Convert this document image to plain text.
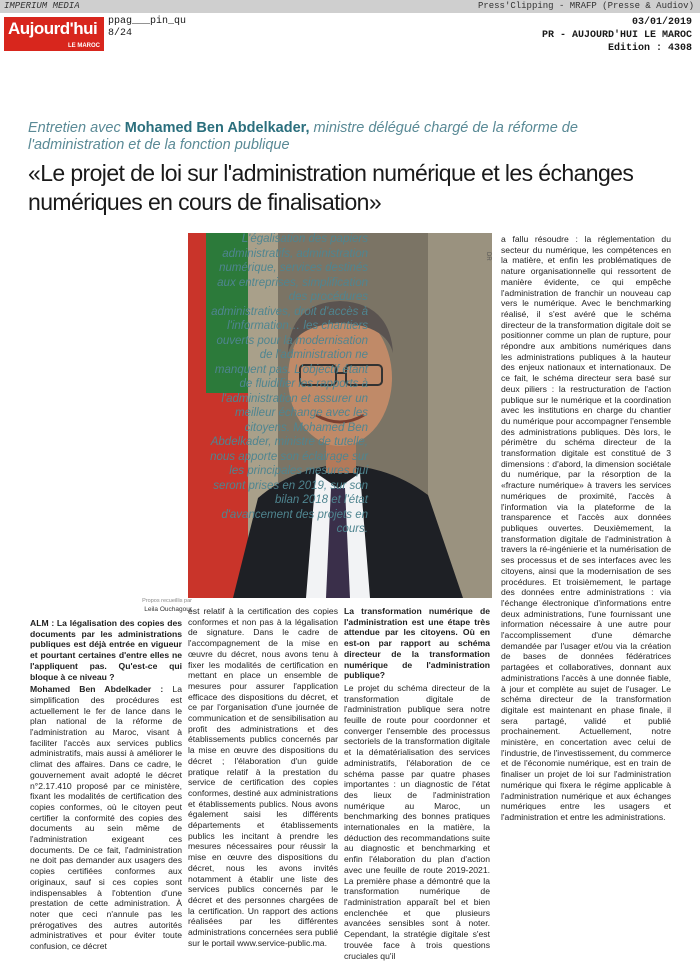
IMPERIUM MEDIA	Press'Clipping - MRAFP (Presse & Audiov)
Aujourd'hui
LE MAROC
ppag___pin_qu
8/24
03/01/2019
PR - AUJOURD'HUI LE MAROC
Edition : 4308
Entretien avec Mohamed Ben Abdelkader, ministre délégué chargé de la réforme de l'administration et de la fonction publique
«Le projet de loi sur l'administration numérique et les échanges numériques en cours de finalisation»
DR
L'égalisation des papiers administratifs, administration numérique, services destinés aux entreprises, simplification des procédures administratives, droit d'accès à l'information… les chantiers ouverts pour la modernisation de l'administration ne manquent pas. L'objectif étant de fluidifier les rapports à l'administration et assurer un meilleur échange avec les citoyens. Mohamed Ben Abdelkader, ministre de tutelle, nous apporte son éclairage sur les principales mesures qui seront prises en 2019, sur son bilan 2018 et l'état d'avancement des projets en cours.
Propos recueillis par
Leila Ouchagour

ALM : La légalisation des copies des documents par les administrations publiques est déjà entrée en vigueur et pourtant certaines d'entre elles ne l'appliquent pas. Qu'est-ce qui bloque à ce niveau ?

Mohamed Ben Abdelkader : La simplification des procédures est actuellement le fer de lance dans le plan national de la réforme de l'administration au Maroc, visant à faciliter l'accès aux services publics administratifs, mais aussi à améliorer le climat des affaires. Dans ce cadre, le gouvernement avait adopté le décret n°2.17.410 proposé par ce ministère, fixant les modalités de certification des copies conformes, où le citoyen peut certifier la conformité des copies des documents au sein même de l'administration exigeant ces documents. De ce fait, l'administration ne doit pas demander aux usagers des copies certifiées conformes aux originaux, sauf si ces copies sont indispensables à l'obtention d'une prestation de cette administration. À noter que ceci n'annule pas les prérogatives des autres autorités administratives et pour éviter toute confusion, ce décret

est relatif à la certification des copies conformes et non pas à la légalisation de signature. Dans le cadre de l'accompagnement de la mise en œuvre du décret, nous avons tenu à fixer les modalités de certification en mettant en place un ensemble de mesures pour assurer l'application efficace des dispositions du décret, et ce par l'organisation d'une journée de communication et de sensibilisation au profit des administrations et des établissements publics concernés par la mise en œuvre des dispositions du décret ; l'élaboration d'un guide pratique relatif à la prestation du service de certification des copies conformes, destiné aux administrations et établissements publics. Nous avons également saisi les différents départements et établissements publics les incitant à prendre les mesures nécessaires pour réussir la mise en œuvre des dispositions du décret, nous les avons invités notamment à établir une liste des services publics concernés par le décret et des personnes chargées de la certification. Un rapport des actions réalisées par les différentes administrations concernées sera publié sur le portail www.service-public.ma.

La transformation numérique de l'administration est une étape très attendue par les citoyens. Où en est-on par rapport au schéma directeur de la transformation numérique de l'administration publique?

Le projet du schéma directeur de la transformation digitale de l'administration publique sera notre feuille de route pour coordonner et converger l'ensemble des processus sectoriels de la transformation digitale et la dématérialisation des services administratifs, l'élaboration de ce schéma passe par quatre phases importantes : un diagnostic de l'état des lieux de l'administration numérique au Maroc, un benchmarking des bonnes pratiques internationales en la matière, la déduction des recommandations suite au diagnostic et benchmarking et enfin l'élaboration du plan d'action avec une feuille de route 2019-2021. La première phase a démontré que la transformation numérique de l'administration apparaît bel et bien enclenchée et que plusieurs avancées sensibles sont à noter. Cependant, la stratégie digitale s'est trouvée face à trois questions cruciales qu'il

a fallu résoudre : la réglementation du secteur du numérique, les compétences en la matière, et enfin les problématiques de nature organisationnelle qui ressortent de manière évidente, ce qui empêche l'administration de franchir un nouveau cap vers le numérique. Avec le benchmarking réalisé, il s'est avéré que le schéma directeur de la transformation digitale doit se positionner comme un plan de rupture, pour répondre aux ambitions numériques dans les administrations publiques à la hauteur des enjeux nationaux et internationaux. De ce fait, le schéma directeur sera basé sur deux piliers : la restructuration de l'action publique sur le numérique et la coordination avec les institutions en charge du chantier du numérique pour accompagner l'ensemble des administrations publiques. Dès lors, le périmètre du schéma directeur de la transformation digitale est constitué de 3 dimensions : d'abord, la dimension sociétale du numérique, par la résorption de la «fracture numérique» à travers les services numériques de proximité, l'accès à l'information via la plateforme de la transparence et l'accès aux données publiques ouvertes. Deuxièmement, la transformation digitale de l'administration à travers la ré-ingénierie et la numérisation de ses processus et de ses interfaces avec les citoyens, ainsi que la modernisation de ses procédures. Et troisièmement, le partage des données entre administrations : via l'échange électronique d'informations entre deux administrations, l'une fournissant une information nécessaire à une autre pour l'accomplissement d'une démarche demandée par l'usager et/ou via la création de bases de données fédératrices partagées et collaboratives, donnant aux administrations l'accès à une donnée fiable, à jour et complète au sujet de l'usager. Le schéma directeur de la transformation digitale est maintenant en phase finale, il sera partagé, validé et publié prochainement. Actuellement, notre ministère, en concertation avec celui de l'industrie, de l'investissement, du commerce et de l'économie numérique, est en train de finaliser un projet de loi sur l'administration numérique qui fixera le régime applicable à l'administration numérique et aux échanges numériques entre les usagers et l'administration et entre les administrations.
